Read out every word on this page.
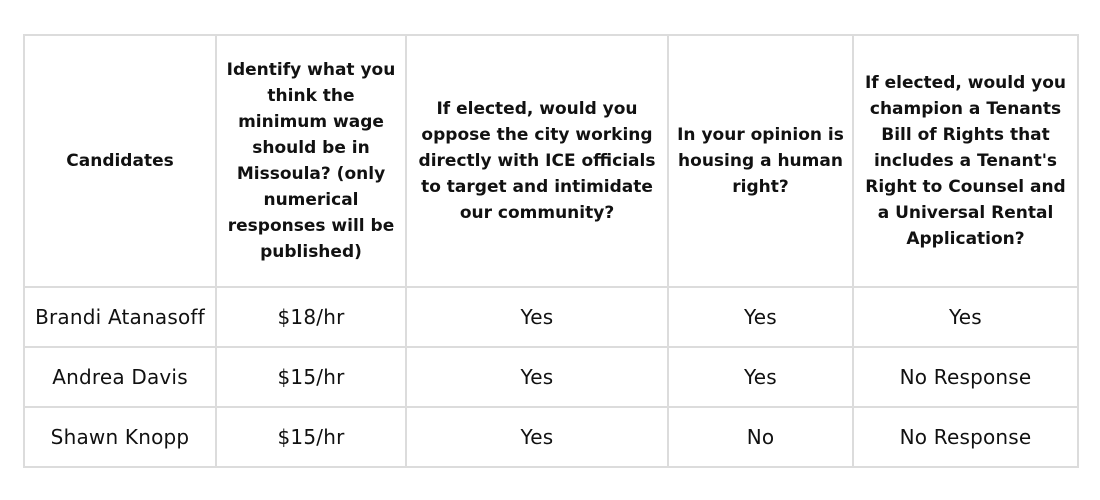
Candidates	Identify what you think the minimum wage should be in Missoula? (only numerical responses will be published)	If elected, would you oppose the city working directly with ICE officials to target and intimidate our community?	In your opinion is housing a human right?	If elected, would you champion a Tenants Bill of Rights that includes a Tenant's Right to Counsel and a Universal Rental Application?
Brandi Atanasoff	$18/hr	Yes	Yes	Yes
Andrea Davis	$15/hr	Yes	Yes	No Response
Shawn Knopp	$15/hr	Yes	No	No Response
